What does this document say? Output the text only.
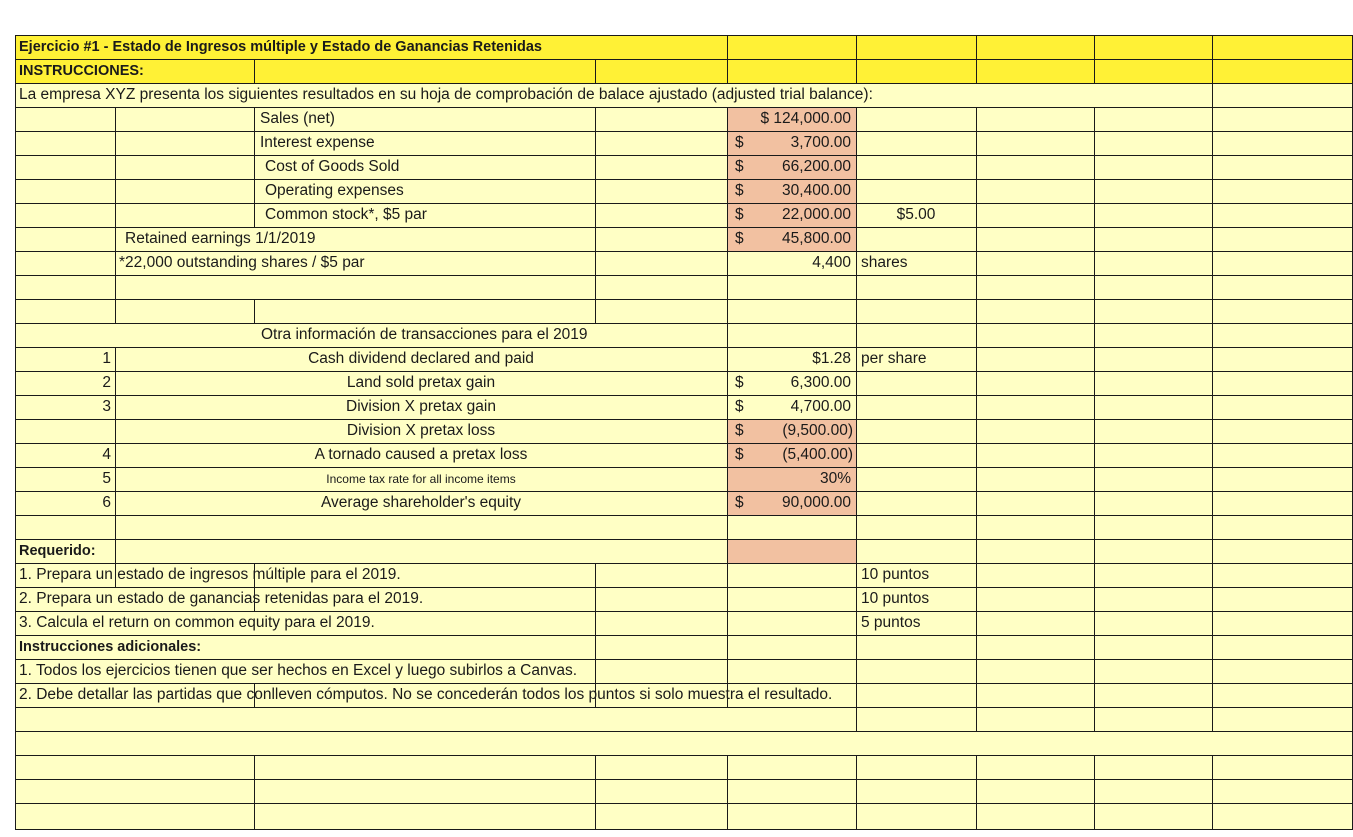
Ejercicio #1 - Estado de Ingresos múltiple y Estado de Ganancias Retenidas
INSTRUCCIONES:
La empresa XYZ presenta los siguientes resultados en su hoja de comprobación de balace ajustado (adjusted trial balance):
Sales (net)	$ 124,000.00
Interest expense	$	3,700.00
Cost of Goods Sold	$	66,200.00
Operating expenses	$	30,400.00
Common stock*, $5 par	$	22,000.00	$5.00
Retained earnings 1/1/2019	$	45,800.00
*22,000 outstanding shares / $5 par	4,400 shares
Otra información de transacciones para el 2019
1	Cash dividend declared and paid	$1.28 per share
2	Land sold pretax gain	$	6,300.00
3	Division X pretax gain	$	4,700.00
Division X pretax loss	$	(9,500.00)
4	A tornado caused a pretax loss	$	(5,400.00)
5	Income tax rate for all income items	30%
6	Average shareholder's equity	$	90,000.00
Requerido:
1. Prepara un estado de ingresos múltiple para el 2019.	10 puntos
2. Prepara un estado de ganancias retenidas para el 2019.	10 puntos
3. Calcula el return on common equity para el 2019.	5 puntos
Instrucciones adicionales:
1. Todos los ejercicios tienen que ser hechos en Excel y luego subirlos a Canvas.
2. Debe detallar las partidas que conlleven cómputos. No se concederán todos los puntos si solo muestra el resultado.
